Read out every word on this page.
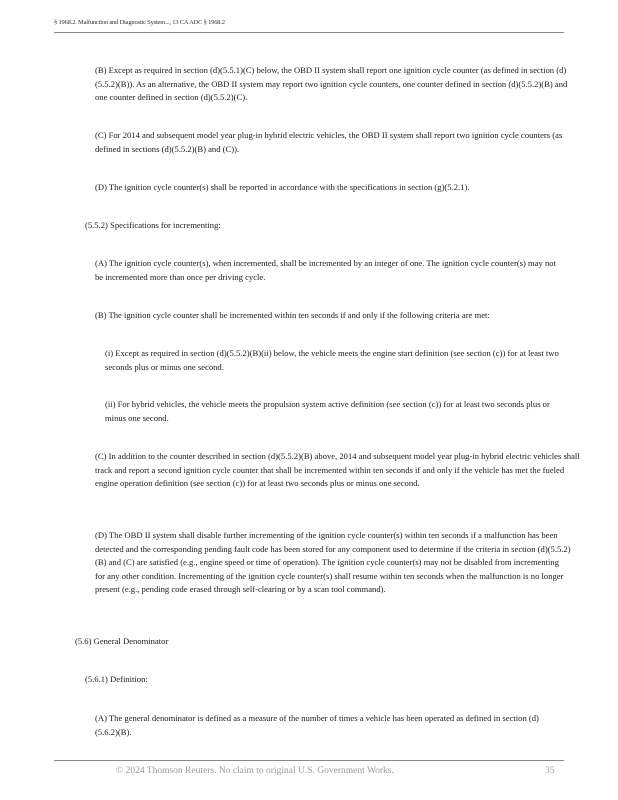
§ 1968.2. Malfunction and Diagnostic System..., 13 CA ADC § 1968.2

(B) Except as required in section (d)(5.5.1)(C) below, the OBD II system shall report one ignition cycle counter (as defined in section (d)(5.5.2)(B)). As an alternative, the OBD II system may report two ignition cycle counters, one counter defined in section (d)(5.5.2)(B) and one counter defined in section (d)(5.5.2)(C).

(C) For 2014 and subsequent model year plug-in hybrid electric vehicles, the OBD II system shall report two ignition cycle counters (as defined in sections (d)(5.5.2)(B) and (C)).

(D) The ignition cycle counter(s) shall be reported in accordance with the specifications in section (g)(5.2.1).

(5.5.2) Specifications for incrementing:

(A) The ignition cycle counter(s), when incremented, shall be incremented by an integer of one. The ignition cycle counter(s) may not be incremented more than once per driving cycle.

(B) The ignition cycle counter shall be incremented within ten seconds if and only if the following criteria are met:

(i) Except as required in section (d)(5.5.2)(B)(ii) below, the vehicle meets the engine start definition (see section (c)) for at least two seconds plus or minus one second.

(ii) For hybrid vehicles, the vehicle meets the propulsion system active definition (see section (c)) for at least two seconds plus or minus one second.

(C) In addition to the counter described in section (d)(5.5.2)(B) above, 2014 and subsequent model year plug-in hybrid electric vehicles shall track and report a second ignition cycle counter that shall be incremented within ten seconds if and only if the vehicle has met the fueled engine operation definition (see section (c)) for at least two seconds plus or minus one second.

(D) The OBD II system shall disable further incrementing of the ignition cycle counter(s) within ten seconds if a malfunction has been detected and the corresponding pending fault code has been stored for any component used to determine if the criteria in section (d)(5.5.2)(B) and (C) are satisfied (e.g., engine speed or time of operation). The ignition cycle counter(s) may not be disabled from incrementing for any other condition. Incrementing of the ignition cycle counter(s) shall resume within ten seconds when the malfunction is no longer present (e.g., pending code erased through self-clearing or by a scan tool command).

(5.6) General Denominator

(5.6.1) Definition:

(A) The general denominator is defined as a measure of the number of times a vehicle has been operated as defined in section (d)(5.6.2)(B).

© 2024 Thomson Reuters. No claim to original U.S. Government Works.	35
